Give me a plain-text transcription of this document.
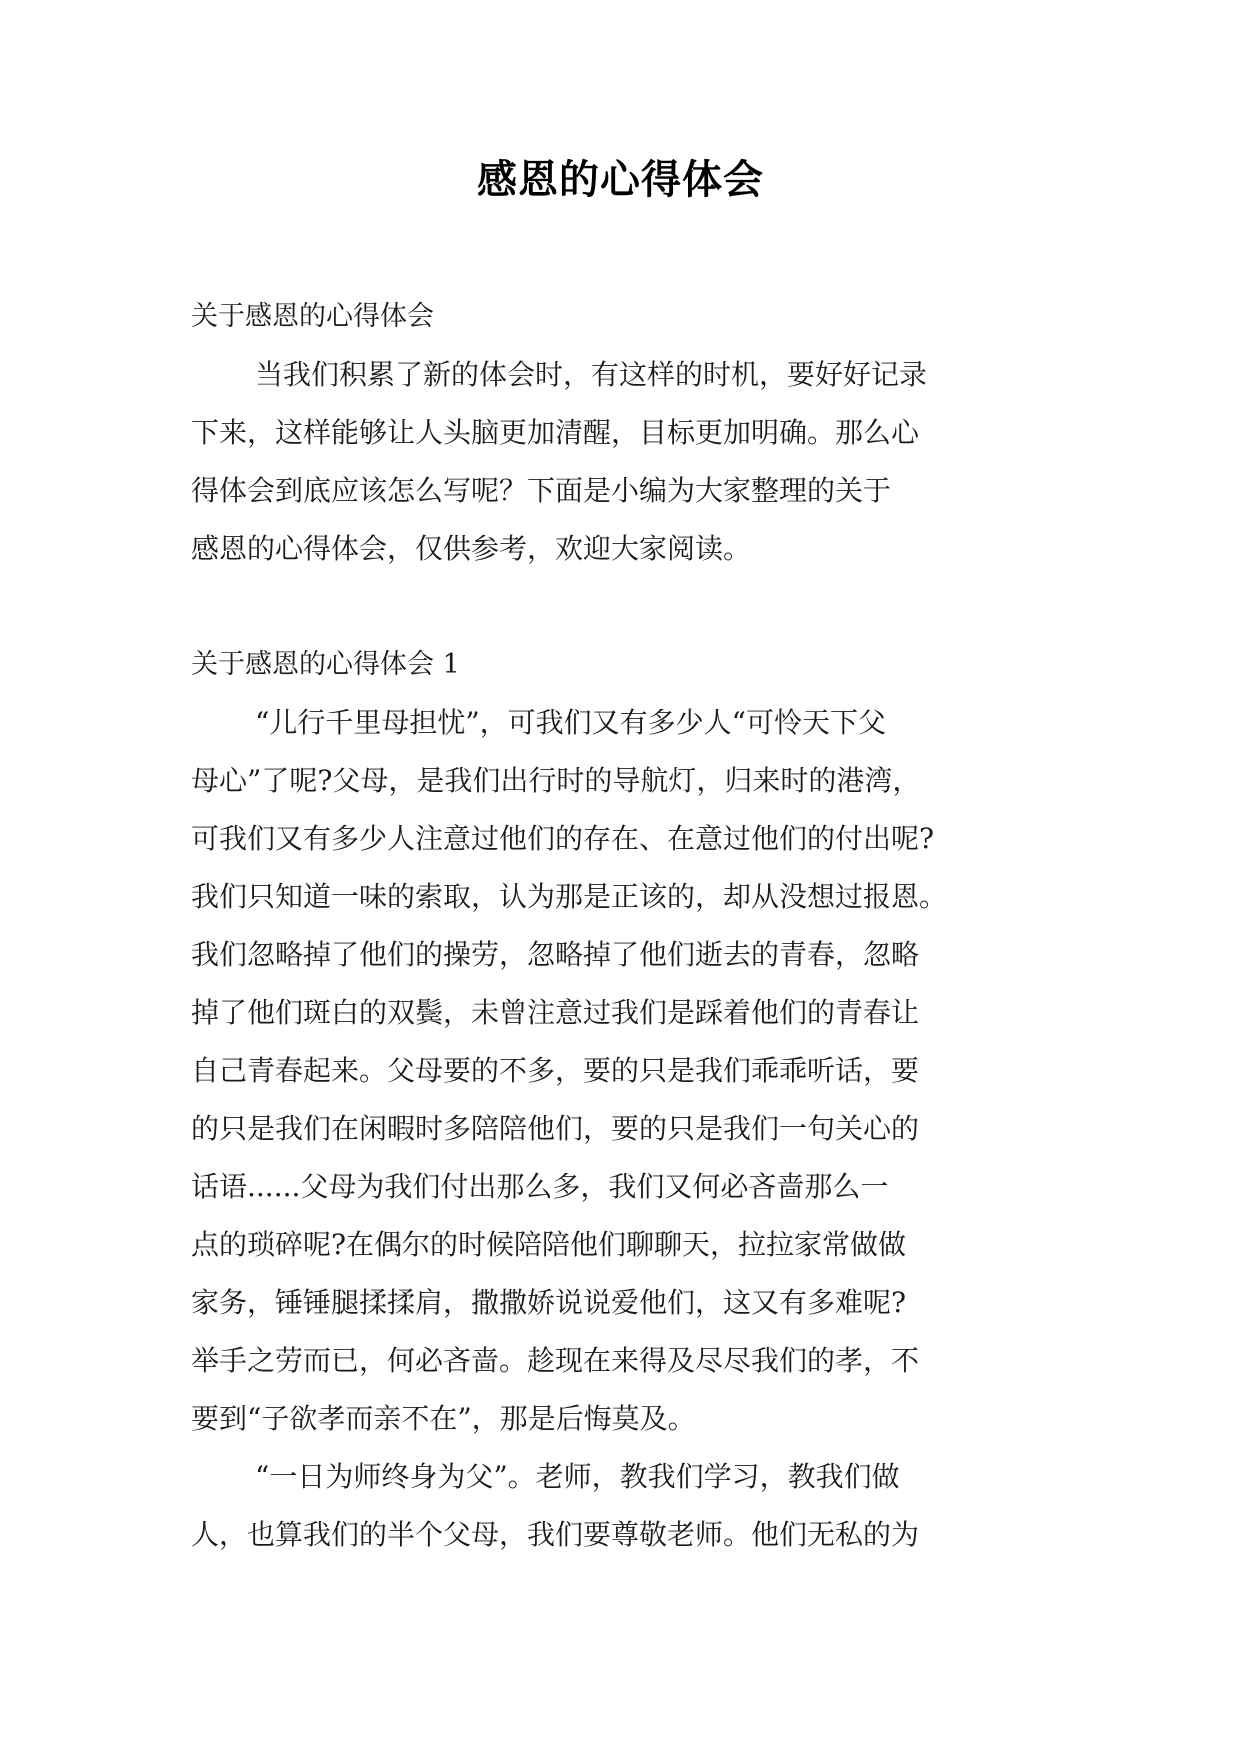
感恩的心得体会
关于感恩的心得体会
当我们积累了新的体会时，有这样的时机，要好好记录
下来，这样能够让人头脑更加清醒，目标更加明确。那么心
得体会到底应该怎么写呢？下面是小编为大家整理的关于
感恩的心得体会，仅供参考，欢迎大家阅读。
关于感恩的心得体会 1
“儿行千里母担忧”，可我们又有多少人“可怜天下父
母心”了呢?父母，是我们出行时的导航灯，归来时的港湾，
可我们又有多少人注意过他们的存在、在意过他们的付出呢?
我们只知道一味的索取，认为那是正该的，却从没想过报恩。
我们忽略掉了他们的操劳，忽略掉了他们逝去的青春，忽略
掉了他们斑白的双鬓，未曾注意过我们是踩着他们的青春让
自己青春起来。父母要的不多，要的只是我们乖乖听话，要
的只是我们在闲暇时多陪陪他们，要的只是我们一句关心的
话语......父母为我们付出那么多，我们又何必吝啬那么一
点的琐碎呢?在偶尔的时候陪陪他们聊聊天，拉拉家常做做
家务，锤锤腿揉揉肩，撒撒娇说说爱他们，这又有多难呢?
举手之劳而已，何必吝啬。趁现在来得及尽尽我们的孝，不
要到“子欲孝而亲不在”，那是后悔莫及。
“一日为师终身为父”。老师，教我们学习，教我们做
人，也算我们的半个父母，我们要尊敬老师。他们无私的为
